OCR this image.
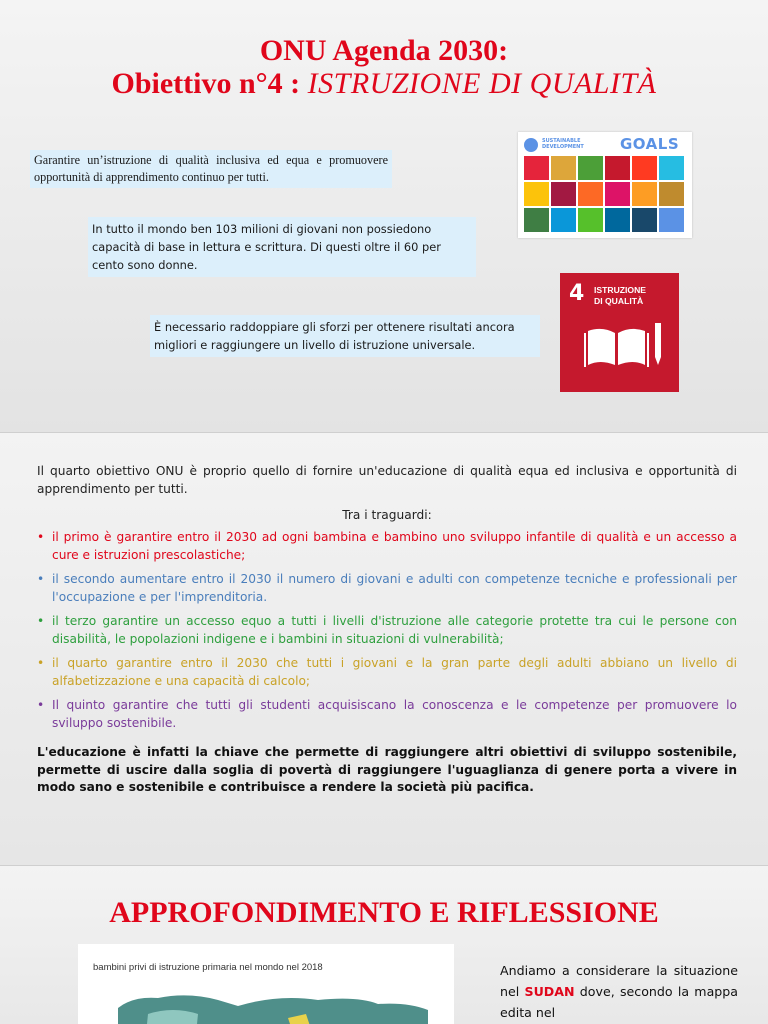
ONU Agenda 2030:
Obiettivo n°4 : ISTRUZIONE DI QUALITÀ
Garantire un’istruzione di qualità inclusiva ed equa e promuovere opportunità di apprendimento continuo per tutti.
In tutto il mondo ben 103 milioni di giovani non possiedono capacità di base in lettura e scrittura. Di questi oltre il 60 per cento sono donne.
È necessario raddoppiare gli sforzi per ottenere risultati ancora migliori e raggiungere un livello di istruzione universale.
SUSTAINABLE
DEVELOPMENT GOALS
4 ISTRUZIONE
DI QUALITÀ
Il quarto obiettivo ONU è proprio quello di fornire un'educazione di qualità equa ed inclusiva e opportunità di apprendimento per tutti.
Tra i traguardi:
• il primo è garantire entro il 2030 ad ogni bambina e bambino uno sviluppo infantile di qualità e un accesso a cure e istruzioni prescolastiche;
• il secondo aumentare entro il 2030 il numero di giovani e adulti con competenze tecniche e professionali per l'occupazione e per l'imprenditoria.
• il terzo garantire un accesso equo a tutti i livelli d'istruzione alle categorie protette tra cui le persone con disabilità, le popolazioni indigene e i bambini in situazioni di vulnerabilità;
• il quarto garantire entro il 2030 che tutti i giovani e la gran parte degli adulti abbiano un livello di alfabetizzazione e una capacità di calcolo;
• Il quinto garantire che tutti gli studenti acquisiscano la conoscenza e le competenze per promuovere lo sviluppo sostenibile.
L'educazione è infatti la chiave che permette di raggiungere altri obiettivi di sviluppo sostenibile, permette di uscire dalla soglia di povertà di raggiungere l'uguaglianza di genere porta a vivere in modo sano e sostenibile e contribuisce a rendere la società più pacifica.
APPROFONDIMENTO E RIFLESSIONE
bambini privi di istruzione primaria nel mondo nel 2018	Andiamo a considerare la situazione nel SUDAN dove, secondo la mappa edita nel
